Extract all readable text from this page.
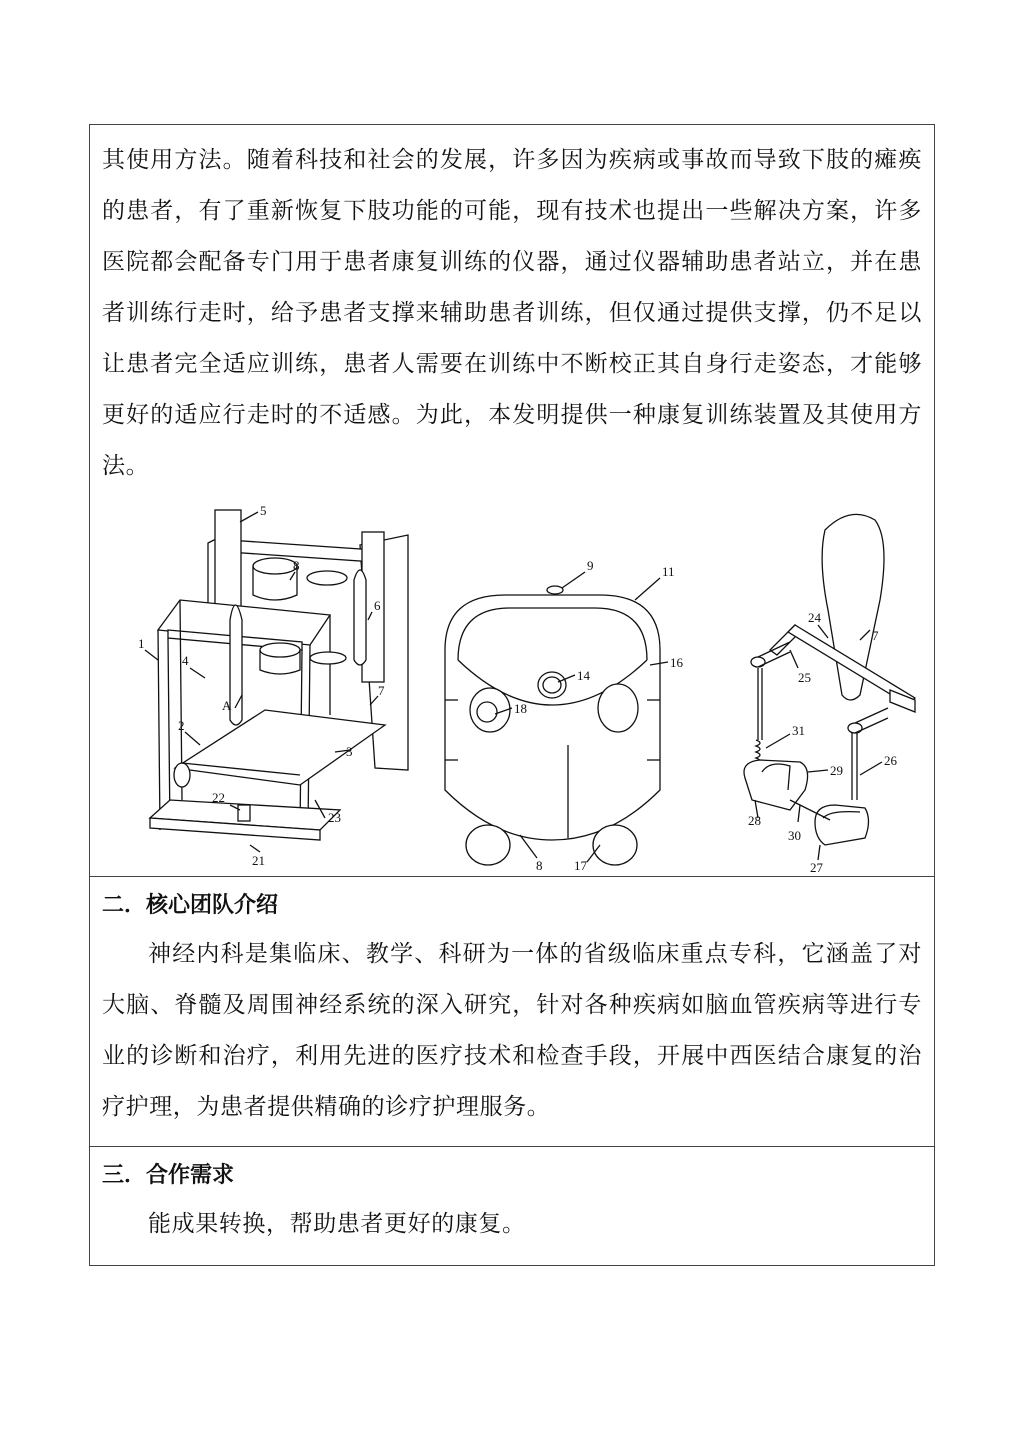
其使用方法。随着科技和社会的发展，许多因为疾病或事故而导致下肢的瘫痪的患者，有了重新恢复下肢功能的可能，现有技术也提出一些解决方案，许多医院都会配备专门用于患者康复训练的仪器，通过仪器辅助患者站立，并在患者训练行走时，给予患者支撑来辅助患者训练，但仅通过提供支撑，仍不足以让患者完全适应训练，患者人需要在训练中不断校正其自身行走姿态，才能够更好的适应行走时的不适感。为此，本发明提供一种康复训练装置及其使用方法。

5
8
6
1
4
A
7
2
3
22
23
21
9	11
16
14
18
8 17
24
7
25
31
29
26
28
30
27

二．核心团队介绍

神经内科是集临床、教学、科研为一体的省级临床重点专科，它涵盖了对大脑、脊髓及周围神经系统的深入研究，针对各种疾病如脑血管疾病等进行专业的诊断和治疗，利用先进的医疗技术和检查手段，开展中西医结合康复的治疗护理，为患者提供精确的诊疗护理服务。

三．合作需求

能成果转换，帮助患者更好的康复。
